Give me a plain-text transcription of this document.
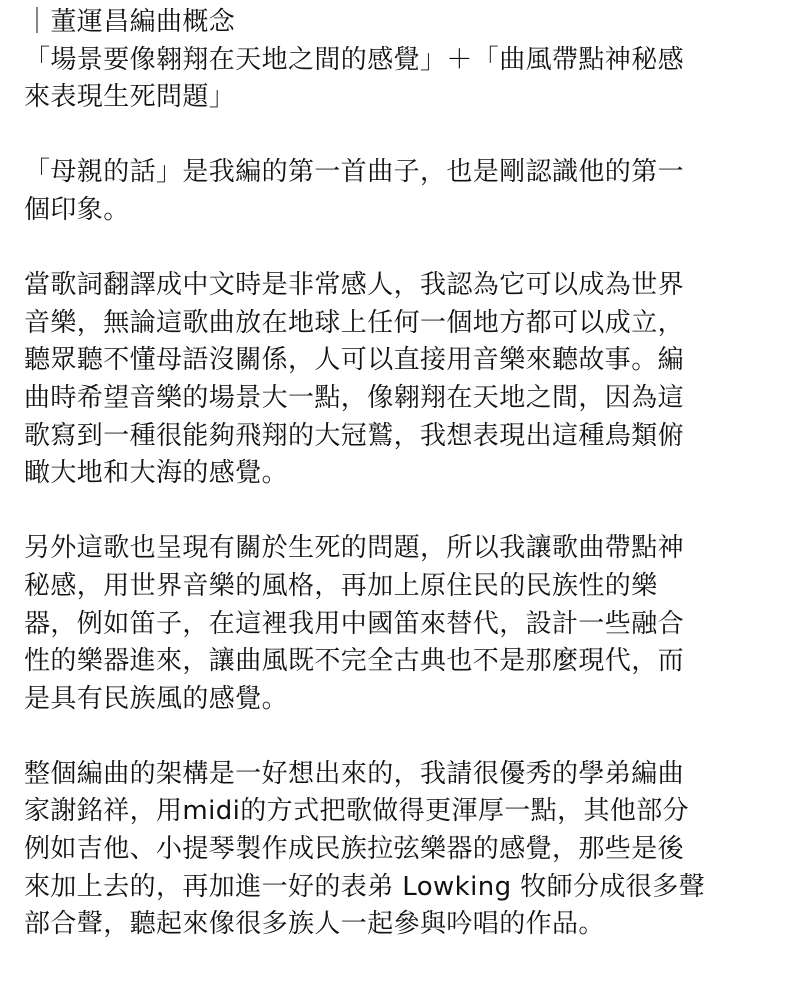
｜董運昌編曲概念
「場景要像翱翔在天地之間的感覺」＋「曲風帶點神秘感
來表現生死問題」
「母親的話」是我編的第一首曲子，也是剛認識他的第一
個印象。
當歌詞翻譯成中文時是非常感人，我認為它可以成為世界
音樂，無論這歌曲放在地球上任何一個地方都可以成立，
聽眾聽不懂母語沒關係，人可以直接用音樂來聽故事。編
曲時希望音樂的場景大一點，像翱翔在天地之間，因為這
歌寫到一種很能夠飛翔的大冠鷲，我想表現出這種鳥類俯
瞰大地和大海的感覺。
另外這歌也呈現有關於生死的問題，所以我讓歌曲帶點神
秘感，用世界音樂的風格，再加上原住民的民族性的樂
器，例如笛子，在這裡我用中國笛來替代，設計一些融合
性的樂器進來，讓曲風既不完全古典也不是那麼現代，而
是具有民族風的感覺。
整個編曲的架構是一好想出來的，我請很優秀的學弟編曲
家謝銘祥，用midi的方式把歌做得更渾厚一點，其他部分
例如吉他、小提琴製作成民族拉弦樂器的感覺，那些是後
來加上去的，再加進一好的表弟 Lowking 牧師分成很多聲
部合聲，聽起來像很多族人一起參與吟唱的作品。
